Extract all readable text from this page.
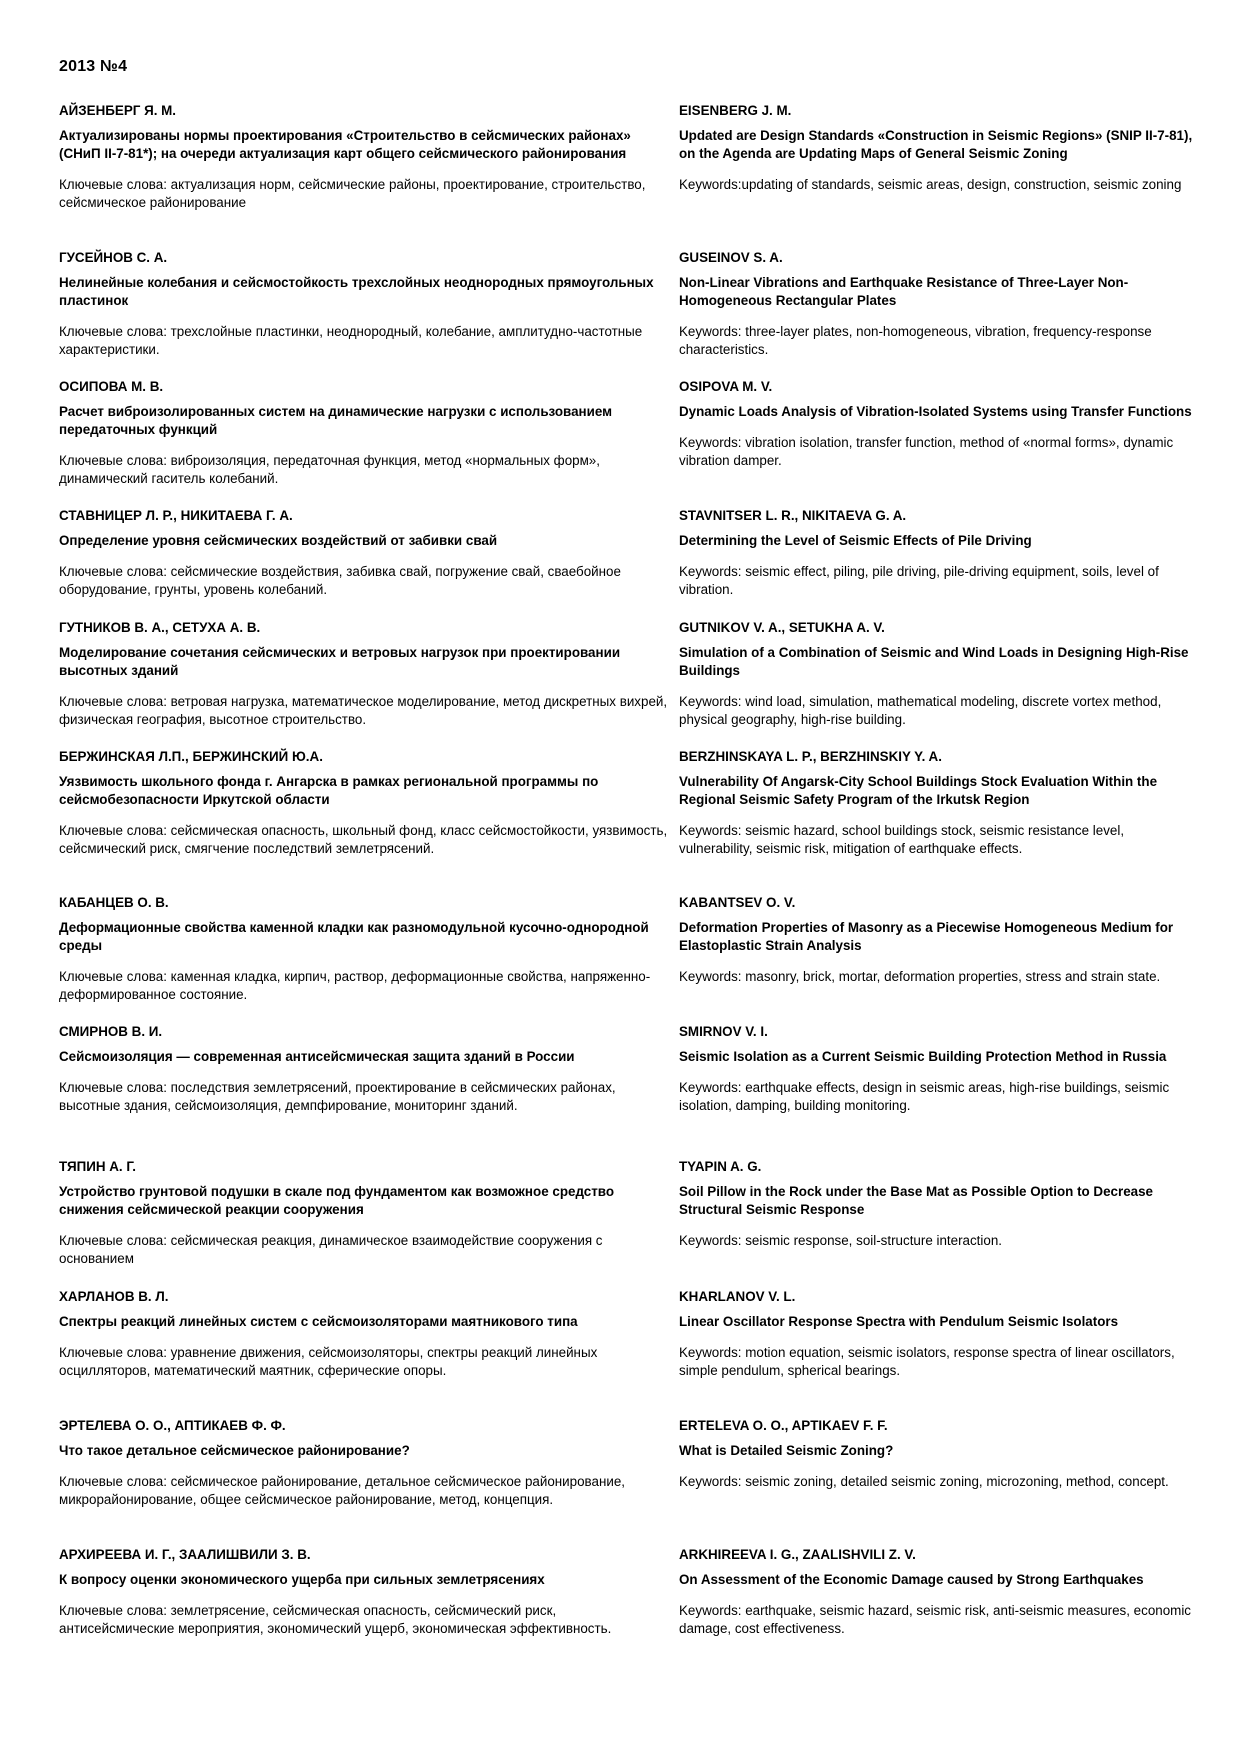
2013 №4
АЙЗЕНБЕРГ Я. М.
Актуализированы нормы проектирования «Строительство в сейсмических районах» (СНиП II-7-81*); на очереди актуализация карт общего сейсмического районирования
Ключевые слова: актуализация норм, сейсмические районы, проектирование, строительство, сейсмическое районирование
EISENBERG J. M.
Updated are Design Standards «Construction in Seismic Regions» (SNIP II-7-81), on the Agenda are Updating Maps of General Seismic Zoning
Keywords:updating of standards, seismic areas, design, construction, seismic zoning
ГУСЕЙНОВ С. А.
Нелинейные колебания и сейсмостойкость трехслойных неоднородных прямоугольных пластинок
Ключевые слова: трехслойные пластинки, неоднородный, колебание, амплитудно-частотные характеристики.
GUSEINOV S. A.
Non-Linear Vibrations and Earthquake Resistance of Three-Layer Non-Homogeneous Rectangular Plates
Keywords: three-layer plates, non-homogeneous, vibration, frequency-response characteristics.
ОСИПОВА М. В.
Расчет виброизолированных систем на динамические нагрузки с использованием передаточных функций
Ключевые слова: виброизоляция, передаточная функция, метод «нормальных форм», динамический гаситель колебаний.
OSIPOVA M. V.
Dynamic Loads Analysis of Vibration-Isolated Systems using Transfer Functions
Keywords: vibration isolation, transfer function, method of «normal forms», dynamic vibration damper.
СТАВНИЦЕР Л. Р., НИКИТАЕВА Г. А.
Определение уровня сейсмических воздействий от забивки свай
Ключевые слова: сейсмические воздействия, забивка свай, погружение свай, сваебойное оборудование, грунты, уровень колебаний.
STAVNITSER L. R., NIKITAEVA G. A.
Determining the Level of Seismic Effects of Pile Driving
Keywords: seismic effect, piling, pile driving, pile-driving equipment, soils, level of vibration.
ГУТНИКОВ В. А., СЕТУХА А. В.
Моделирование сочетания сейсмических и ветровых нагрузок при проектировании высотных зданий
Ключевые слова: ветровая нагрузка, математическое моделирование, метод дискретных вихрей, физическая география, высотное строительство.
GUTNIKOV V. A., SETUKHA A. V.
Simulation of a Combination of Seismic and Wind Loads in Designing High-Rise Buildings
Keywords: wind load, simulation, mathematical modeling, discrete vortex method, physical geography, high-rise building.
БЕРЖИНСКАЯ Л.П., БЕРЖИНСКИЙ Ю.А.
Уязвимость школьного фонда г. Ангарска в рамках региональной программы по сейсмобезопасности Иркутской области
Ключевые слова: сейсмическая опасность, школьный фонд, класс сейсмостойкости, уязвимость, сейсмический риск, смягчение последствий землетрясений.
BERZHINSKAYA L. P., BERZHINSKIY Y. A.
Vulnerability Of Angarsk-City School Buildings Stock Evaluation Within the Regional Seismic Safety Program of the Irkutsk Region
Keywords: seismic hazard, school buildings stock, seismic resistance level, vulnerability, seismic risk, mitigation of earthquake effects.
КАБАНЦЕВ О. В.
Деформационные свойства каменной кладки как разномодульной кусочно-однородной среды
Ключевые слова: каменная кладка, кирпич, раствор, деформационные свойства, напряженно-деформированное состояние.
KABANTSEV O. V.
Deformation Properties of Masonry as a Piecewise Homogeneous Medium for Elastoplastic Strain Analysis
Keywords: masonry, brick, mortar, deformation properties, stress and strain state.
СМИРНОВ В. И.
Сейсмоизоляция — современная антисейсмическая защита зданий в России
Ключевые слова: последствия землетрясений, проектирование в сейсмических районах, высотные здания, сейсмоизоляция, демпфирование, мониторинг зданий.
SMIRNOV V. I.
Seismic Isolation as a Current Seismic Building Protection Method in Russia
Keywords: earthquake effects, design in seismic areas, high-rise buildings, seismic isolation, damping, building monitoring.
ТЯПИН А. Г.
Устройство грунтовой подушки в скале под фундаментом как возможное средство снижения сейсмической реакции сооружения
Ключевые слова: сейсмическая реакция, динамическое взаимодействие сооружения с основанием
TYAPIN A. G.
Soil Pillow in the Rock under the Base Mat as Possible Option to Decrease Structural Seismic Response
Keywords: seismic response, soil-structure interaction.
ХАРЛАНОВ В. Л.
Спектры реакций линейных систем с сейсмоизоляторами маятникового типа
Ключевые слова: уравнение движения, сейсмоизоляторы, спектры реакций линейных осцилляторов, математический маятник, сферические опоры.
KHARLANOV V. L.
Linear Oscillator Response Spectra with Pendulum Seismic Isolators
Keywords: motion equation, seismic isolators, response spectra of linear oscillators, simple pendulum, spherical bearings.
ЭРТЕЛЕВА О. О., АПТИКАЕВ Ф. Ф.
Что такое детальное сейсмическое районирование?
Ключевые слова: сейсмическое районирование, детальное сейсмическое районирование, микрорайонирование, общее сейсмическое районирование, метод, концепция.
ERTELEVA O. O., APTIKAEV F. F.
What is Detailed Seismic Zoning?
Keywords: seismic zoning, detailed seismic zoning, microzoning, method, concept.
АРХИРЕЕВА И. Г., ЗААЛИШВИЛИ З. В.
К вопросу оценки экономического ущерба при сильных землетрясениях
Ключевые слова: землетрясение, сейсмическая опасность, сейсмический риск, антисейсмические мероприятия, экономический ущерб, экономическая эффективность.
ARKHIREEVA I. G., ZAALISHVILI Z. V.
On Assessment of the Economic Damage caused by Strong Earthquakes
Keywords: earthquake, seismic hazard, seismic risk, anti-seismic measures, economic damage, cost effectiveness.
